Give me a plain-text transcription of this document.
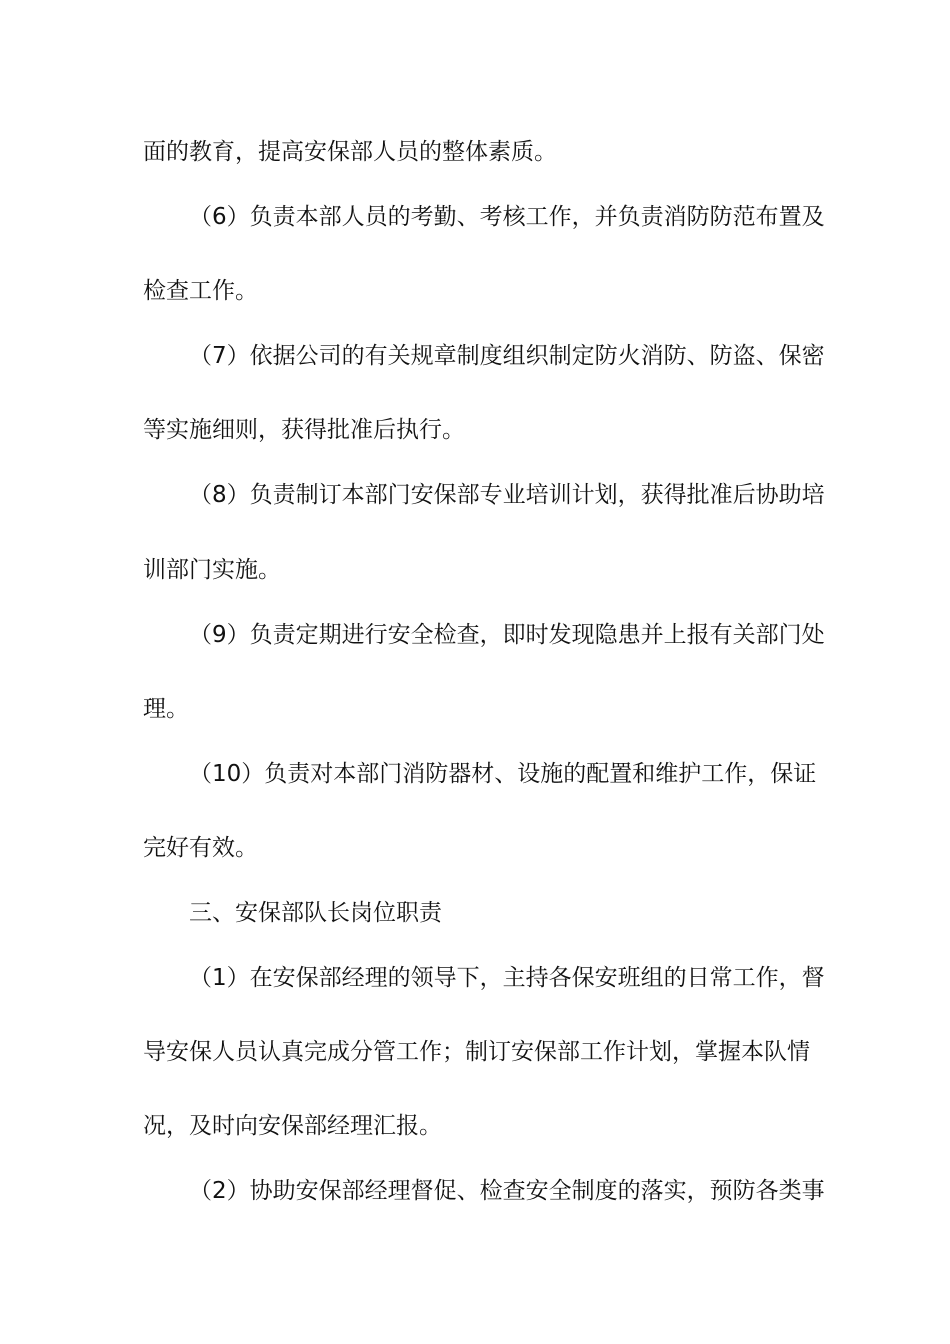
面的教育，提高安保部人员的整体素质。
（6）负责本部人员的考勤、考核工作，并负责消防防范布置及
检查工作。
（7）依据公司的有关规章制度组织制定防火消防、防盗、保密
等实施细则，获得批准后执行。
（8）负责制订本部门安保部专业培训计划，获得批准后协助培
训部门实施。
（9）负责定期进行安全检查，即时发现隐患并上报有关部门处
理。
（10）负责对本部门消防器材、设施的配置和维护工作，保证
完好有效。
三、安保部队长岗位职责
（1）在安保部经理的领导下，主持各保安班组的日常工作，督
导安保人员认真完成分管工作；制订安保部工作计划，掌握本队情
况，及时向安保部经理汇报。
（2）协助安保部经理督促、检查安全制度的落实，预防各类事
